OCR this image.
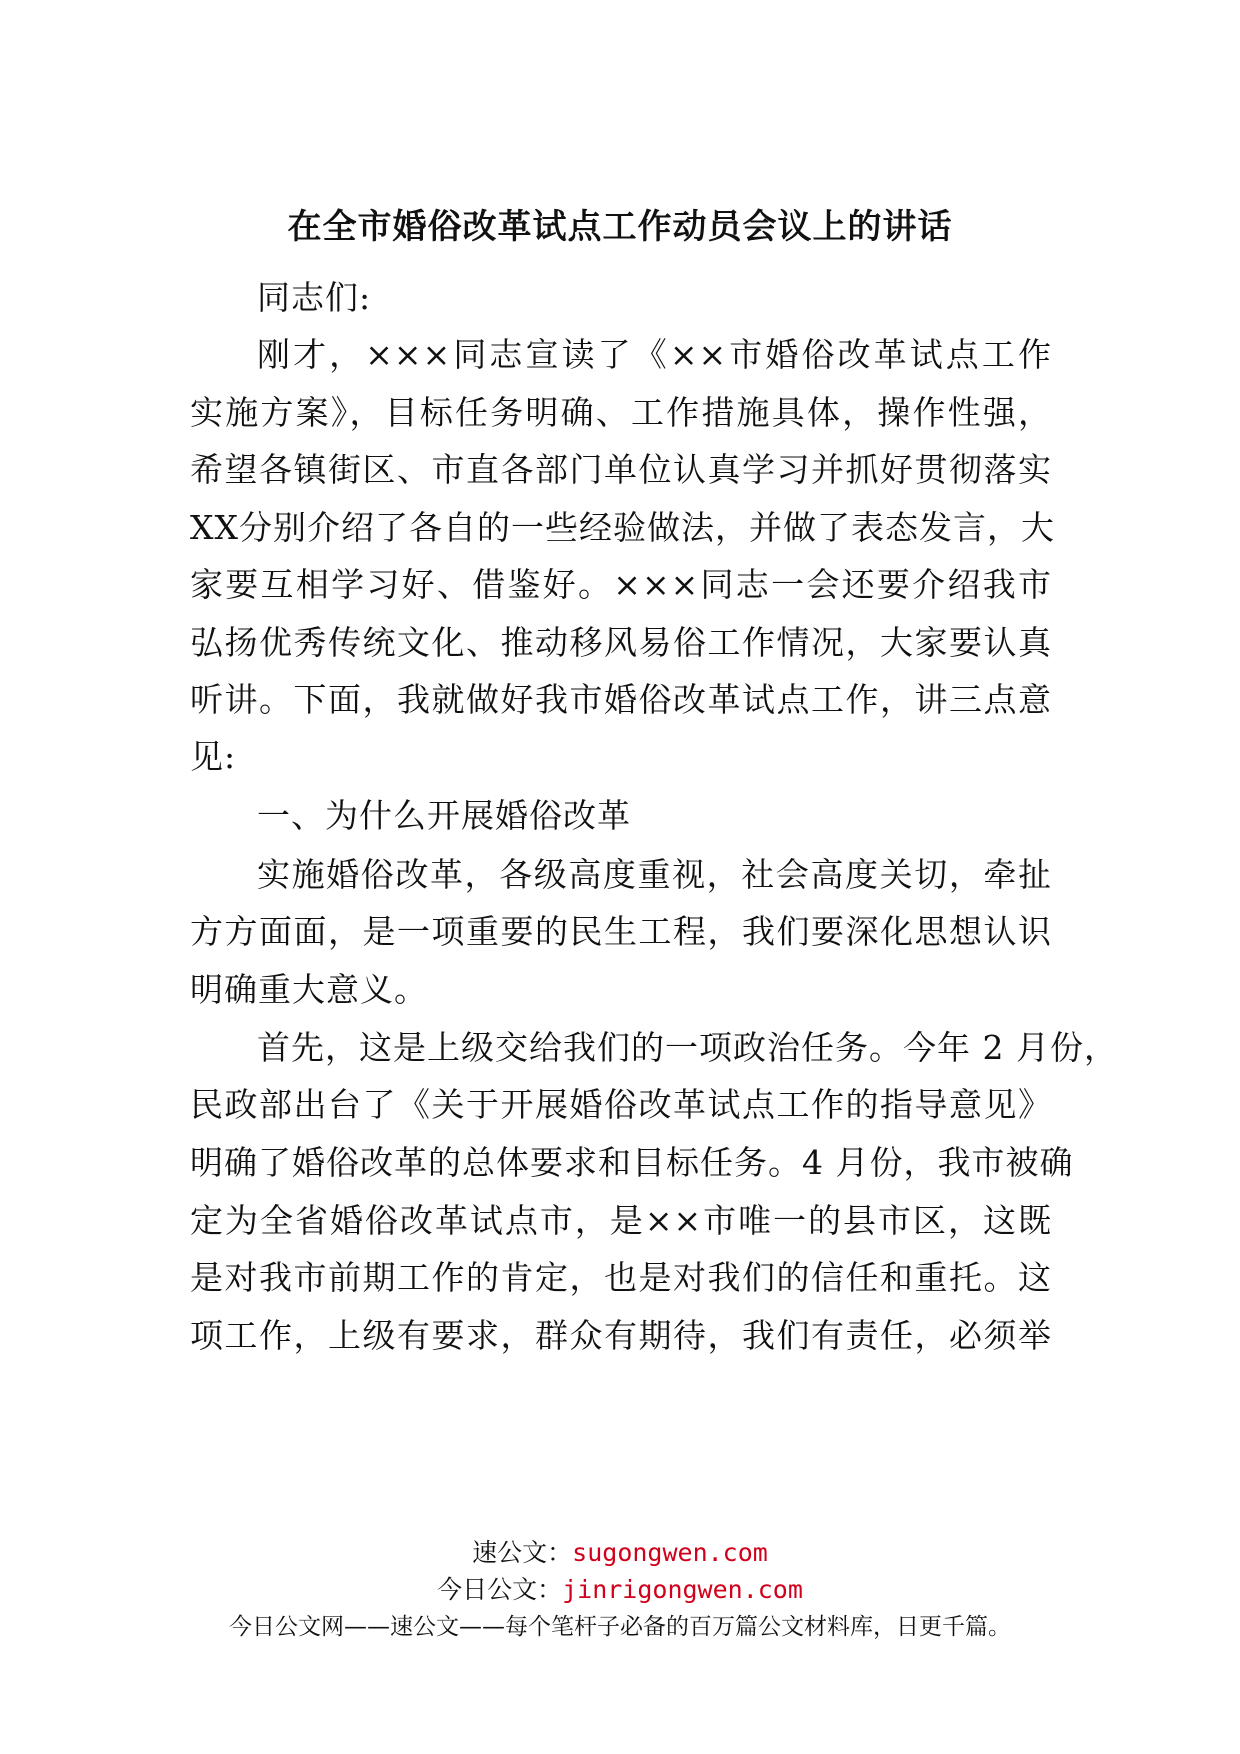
在全市婚俗改革试点工作动员会议上的讲话
同志们:
刚才，×××同志宣读了《××市婚俗改革试点工作
实施方案》，目标任务明确、工作措施具体，操作性强，
希望各镇街区、市直各部门单位认真学习并抓好贯彻落实
XX分别介绍了各自的一些经验做法，并做了表态发言，大
家要互相学习好、借鉴好。×××同志一会还要介绍我市
弘扬优秀传统文化、推动移风易俗工作情况，大家要认真
听讲。下面，我就做好我市婚俗改革试点工作，讲三点意
见:
一、为什么开展婚俗改革
实施婚俗改革，各级高度重视，社会高度关切，牵扯
方方面面，是一项重要的民生工程，我们要深化思想认识
明确重大意义。
首先，这是上级交给我们的一项政治任务。今年 2 月份，
民政部出台了《关于开展婚俗改革试点工作的指导意见》
明确了婚俗改革的总体要求和目标任务。4 月份，我市被确
定为全省婚俗改革试点市，是××市唯一的县市区，这既
是对我市前期工作的肯定，也是对我们的信任和重托。这
项工作，上级有要求，群众有期待，我们有责任，必须举
速公文：sugongwen.com
今日公文：jinrigongwen.com
今日公文网——速公文——每个笔杆子必备的百万篇公文材料库，日更千篇。
